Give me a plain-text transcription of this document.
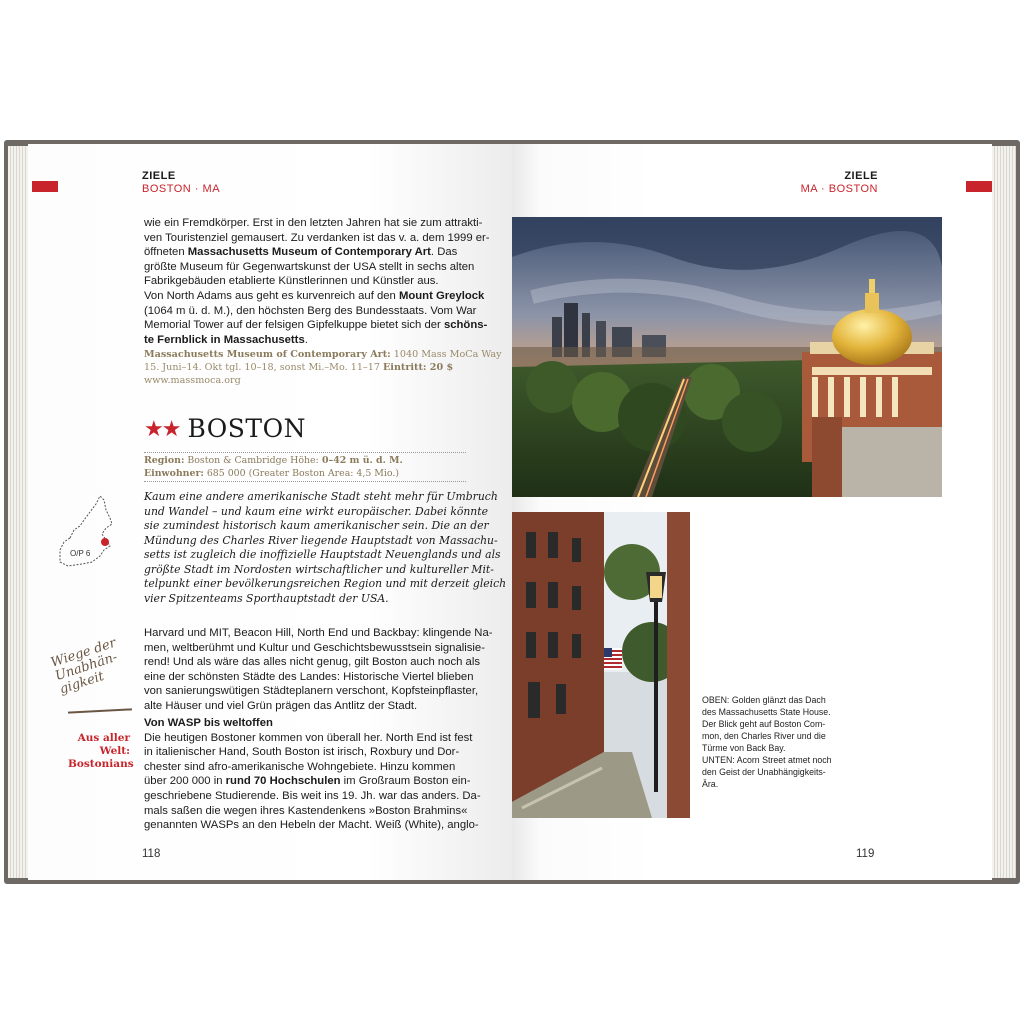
ZIELE
BOSTON · MA
wie ein Fremdkörper. Erst in den letzten Jahren hat sie zum attrakti-
ven Touristenziel gemausert. Zu verdanken ist das v. a. dem 1999 er-
öffneten Massachusetts Museum of Contemporary Art. Das
größte Museum für Gegenwartskunst der USA stellt in sechs alten
Fabrikgebäuden etablierte Künstlerinnen und Künstler aus.
Von North Adams aus geht es kurvenreich auf den Mount Greylock
(1064 m ü. d. M.), den höchsten Berg des Bundesstaats. Vom War
Memorial Tower auf der felsigen Gipfelkuppe bietet sich der schöns-
te Fernblick in Massachusetts.
Massachusetts Museum of Contemporary Art: 1040 Mass MoCa Way
15. Juni–14. Okt tgl. 10–18, sonst Mi.–Mo. 11–17 Eintritt: 20 $
www.massmoca.org
★★ BOSTON
Region: Boston & Cambridge Höhe: 0–42 m ü. d. M.
Einwohner: 685 000 (Greater Boston Area: 4,5 Mio.)
O/P 6
Kaum eine andere amerikanische Stadt steht mehr für Umbruch
und Wandel – und kaum eine wirkt europäischer. Dabei könnte
sie zumindest historisch kaum amerikanischer sein. Die an der
Mündung des Charles River liegende Hauptstadt von Massachu-
setts ist zugleich die inoffizielle Hauptstadt Neuenglands und als
größte Stadt im Nordosten wirtschaftlicher und kultureller Mit-
telpunkt einer bevölkerungsreichen Region und mit derzeit gleich
vier Spitzenteams Sporthauptstadt der USA.
Wiege der Unabhän-gigkeit
Harvard und MIT, Beacon Hill, North End und Backbay: klingende Na-
men, weltberühmt und Kultur und Geschichtsbewusstsein signalisie-
rend! Und als wäre das alles nicht genug, gilt Boston auch noch als
eine der schönsten Städte des Landes: Historische Viertel blieben
von sanierungswütigen Städteplanern verschont, Kopfsteinpflaster,
alte Häuser und viel Grün prägen das Antlitz der Stadt.
Aus aller Welt: Bostonians
Von WASP bis weltoffen
Die heutigen Bostoner kommen von überall her. North End ist fest
in italienischer Hand, South Boston ist irisch, Roxbury und Dor-
chester sind afro-amerikanische Wohngebiete. Hinzu kommen
über 200 000 in rund 70 Hochschulen im Großraum Boston ein-
geschriebene Studierende. Bis weit ins 19. Jh. war das anders. Da-
mals saßen die wegen ihres Kastendenkens »Boston Brahmins«
genannten WASPs an den Hebeln der Macht. Weiß (White), anglo-
118
ZIELE
MA · BOSTON
OBEN: Golden glänzt das Dach
des Massachusetts State House.
Der Blick geht auf Boston Com-
mon, den Charles River und die
Türme von Back Bay.
UNTEN: Acorn Street atmet noch
den Geist der Unabhängigkeits-
Ära.
119
